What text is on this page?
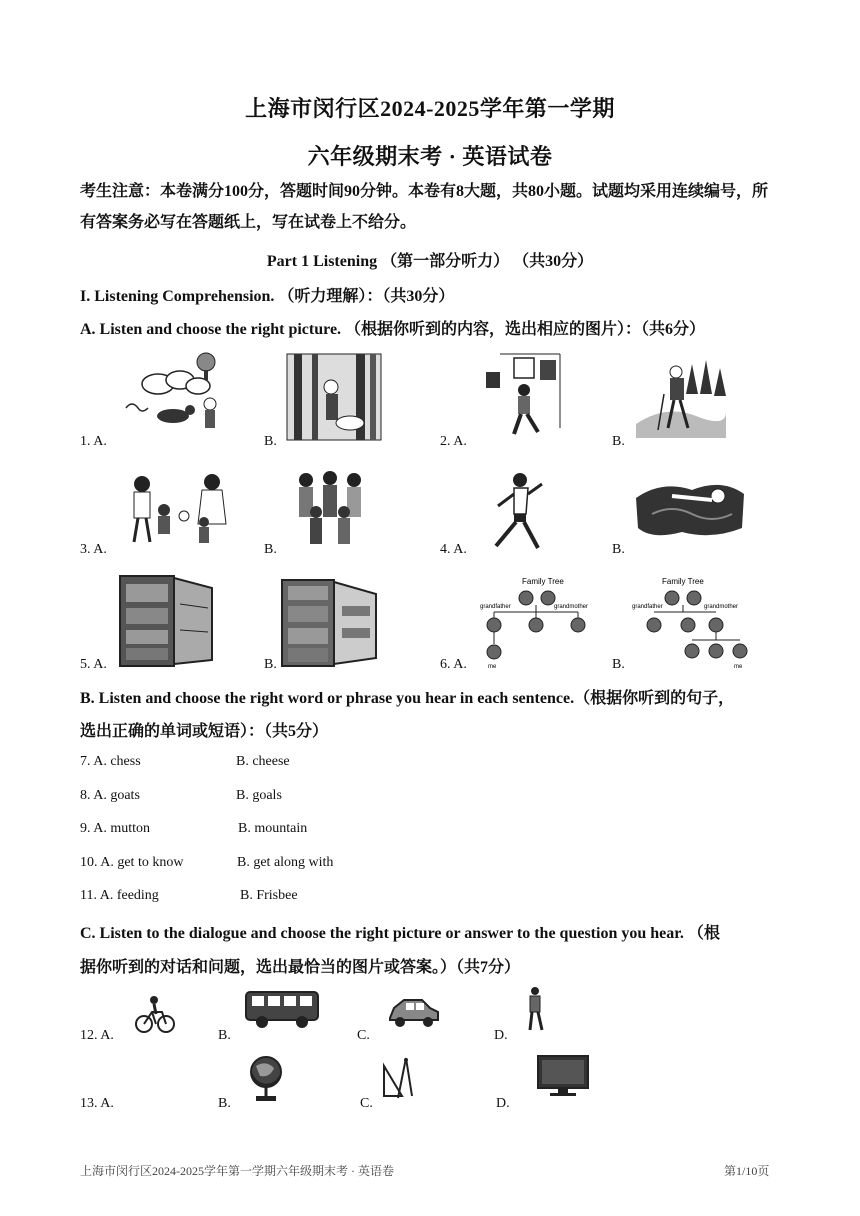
上海市闵行区2024-2025学年第一学期
六年级期末考 · 英语试卷
考生注意：本卷满分100分，答题时间90分钟。本卷有8大题，共80小题。试题均采用连续编号，所有答案务必写在答题纸上，写在试卷上不给分。
Part 1 Listening （第一部分听力） （共30分）
I. Listening Comprehension. （听力理解）：（共30分）
A. Listen and choose the right picture. （根据你听到的内容，选出相应的图片）：（共6分）
1. A.	B.	2. A.	B.
3. A.	B.	4. A.	B.
5. A.	B.	6. A.
Family Tree
grandfather	grandmother
me	B.
Family Tree
grandfather	grandmother
me
B. Listen and choose the right word or phrase you hear in each sentence.（根据你听到的句子，
选出正确的单词或短语）：（共5分）
7. A. chess	B. cheese
8. A. goats	B. goals
9. A. mutton	B. mountain
10. A. get to know	B. get along with
11. A. feeding	B. Frisbee
C. Listen to the dialogue and choose the right picture or answer to the question you hear. （根
据你听到的对话和问题，选出最恰当的图片或答案。）（共7分）
12. A.	B.	C.	D.
13. A.	B.	C.	D.
上海市闵行区2024-2025学年第一学期六年级期末考 · 英语卷	第1/10页
